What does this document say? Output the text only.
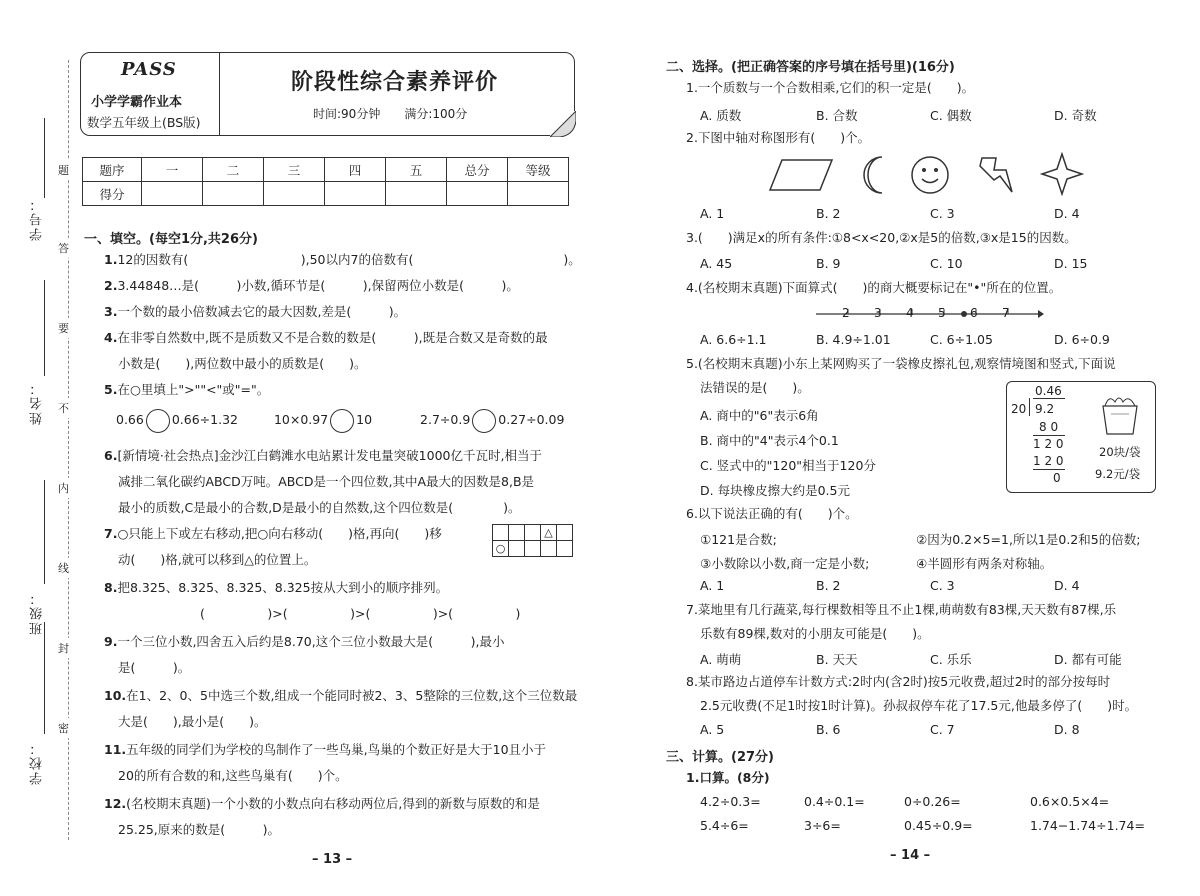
学号：
姓名：
班级：
学校：
题
答
要
不
内
线
封
密
PASS
小学学霸作业本
数学五年级上(BS版)
阶段性综合素养评价
时间:90分钟　　满分:100分
题序	一	二	三	四	五	总分	等级
得分							
一、填空。(每空1分,共26分)
1.12的因数有(　　　　　　　　　),50以内7的倍数有(　　　　　　　　　　　　)。
2.3.44848…是(　　　)小数,循环节是(　　　),保留两位小数是(　　　)。
3.一个数的最小倍数减去它的最大因数,差是(　　　)。
4.在非零自然数中,既不是质数又不是合数的数是(　　　),既是合数又是奇数的最
小数是(　　),两位数中最小的质数是(　　)。
5.在○里填上">""<"或"="。
0.66 0.66÷1.32	10×0.97 10	2.7÷0.9 0.27÷0.09
6.[新情境·社会热点]金沙江白鹤滩水电站累计发电量突破1000亿千瓦时,相当于
减排二氧化碳约ABCD万吨。ABCD是一个四位数,其中A最大的因数是8,B是
最小的质数,C是最小的合数,D是最小的自然数,这个四位数是(　　　　)。
7.○只能上下或左右移动,把○向右移动(　　)格,再向(　　)移
动(　　)格,就可以移到△的位置上。
			△	
○				
8.把8.325、8.325̇、8.32̇5̇、8.3̇25̇按从大到小的顺序排列。
(　　　　　)>(　　　　　)>(　　　　　)>(　　　　　)
9.一个三位小数,四舍五入后约是8.70,这个三位小数最大是(　　　),最小
是(　　　)。
10.在1、2、0、5中选三个数,组成一个能同时被2、3、5整除的三位数,这个三位数最
大是(　　),最小是(　　)。
11.五年级的同学们为学校的鸟制作了一些鸟巢,鸟巢的个数正好是大于10且小于
20的所有合数的和,这些鸟巢有(　　)个。
12.(名校期末真题)一个小数的小数点向右移动两位后,得到的新数与原数的和是
25.25,原来的数是(　　　)。
– 13 –
二、选择。(把正确答案的序号填在括号里)(16分)
1.一个质数与一个合数相乘,它们的积一定是(　　)。
A. 质数	B. 合数	C. 偶数	D. 奇数
2.下图中轴对称图形有(　　)个。
A. 1	B. 2	C. 3	D. 4
3.(　　)满足x的所有条件:①8<x<20,②x是5的倍数,③x是15的因数。
A. 45	B. 9	C. 10	D. 15
4.(名校期末真题)下面算式(　　)的商大概要标记在"•"所在的位置。
2 3 4 5 6 7
A. 6.6÷1.1	B. 4.9÷1.01	C. 6÷1.05	D. 6÷0.9
5.(名校期末真题)小东上某网购买了一袋橡皮擦礼包,观察情境图和竖式,下面说
法错误的是(　　)。
A. 商中的"6"表示6角
B. 商中的"4"表示4个0.1
C. 竖式中的"120"相当于120分
D. 每块橡皮擦大约是0.5元
0.46
20 9.2
8 0
1 2 0
1 2 0
0
20块/袋
9.2元/袋
6.以下说法正确的有(　　)个。
①121是合数;	②因为0.2×5=1,所以1是0.2和5的倍数;
③小数除以小数,商一定是小数;	④半圆形有两条对称轴。
A. 1	B. 2	C. 3	D. 4
7.菜地里有几行蔬菜,每行棵数相等且不止1棵,萌萌数有83棵,天天数有87棵,乐
乐数有89棵,数对的小朋友可能是(　　)。
A. 萌萌	B. 天天	C. 乐乐	D. 都有可能
8.某市路边占道停车计数方式:2时内(含2时)按5元收费,超过2时的部分按每时
2.5元收费(不足1时按1时计算)。孙叔叔停车花了17.5元,他最多停了(　　)时。
A. 5	B. 6	C. 7	D. 8
三、计算。(27分)
1.口算。(8分)
4.2÷0.3=	0.4÷0.1=	0÷0.26=	0.6×0.5×4=
5.4÷6=	3÷6=	0.45÷0.9=	1.74−1.74÷1.74=
– 14 –
